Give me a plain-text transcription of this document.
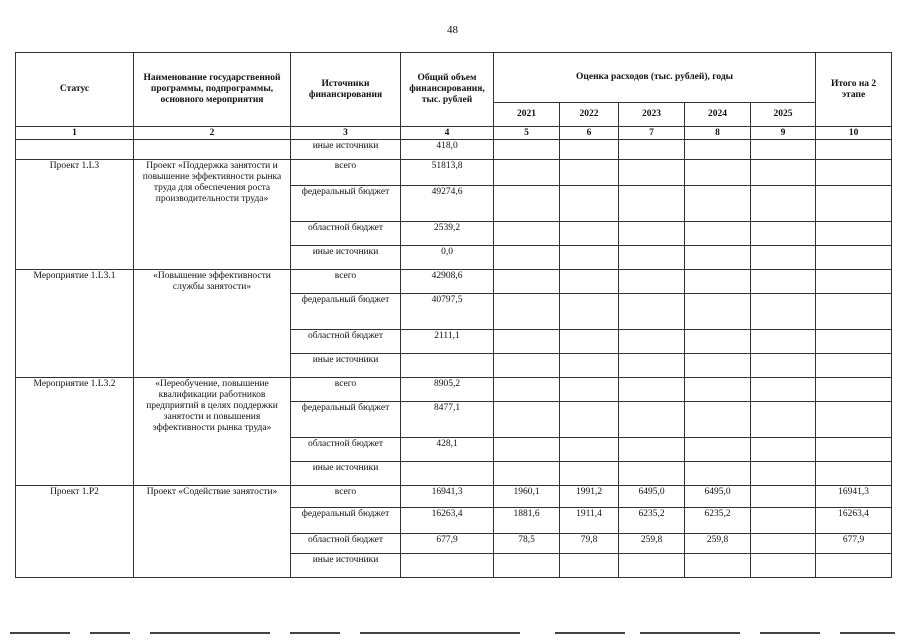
48
Статус	Наименование государственной программы, подпрограммы, основного мероприятия	Источники финансирования	Общий объем финансирования, тыс. рублей	Оценка расходов (тыс. рублей), годы					Итого на 2 этапе
				2021	2022	2023	2024	2025	
1	2	3	4	5	6	7	8	9	10
		иные источники	418,0						
Проект 1.L3	Проект «Поддержка занятости и повышение эффективности рынка труда для обеспечения роста производительности труда»	всего	51813,8						
		федеральный бюджет	49274,6						
		областной бюджет	2539,2						
		иные источники	0,0						
Мероприятие 1.L3.1	«Повышение эффективности службы занятости»	всего	42908,6						
		федеральный бюджет	40797,5						
		областной бюджет	2111,1						
		иные источники							
Мероприятие 1.L3.2	«Переобучение, повышение квалификации работников предприятий в целях поддержки занятости и повышения эффективности рынка труда»	всего	8905,2						
		федеральный бюджет	8477,1						
		областной бюджет	428,1						
		иные источники							
Проект 1.P2	Проект «Содействие занятости»	всего	16941,3	1960,1	1991,2	6495,0	6495,0		16941,3
		федеральный бюджет	16263,4	1881,6	1911,4	6235,2	6235,2		16263,4
		областной бюджет	677,9	78,5	79,8	259,8	259,8		677,9
		иные источники							
